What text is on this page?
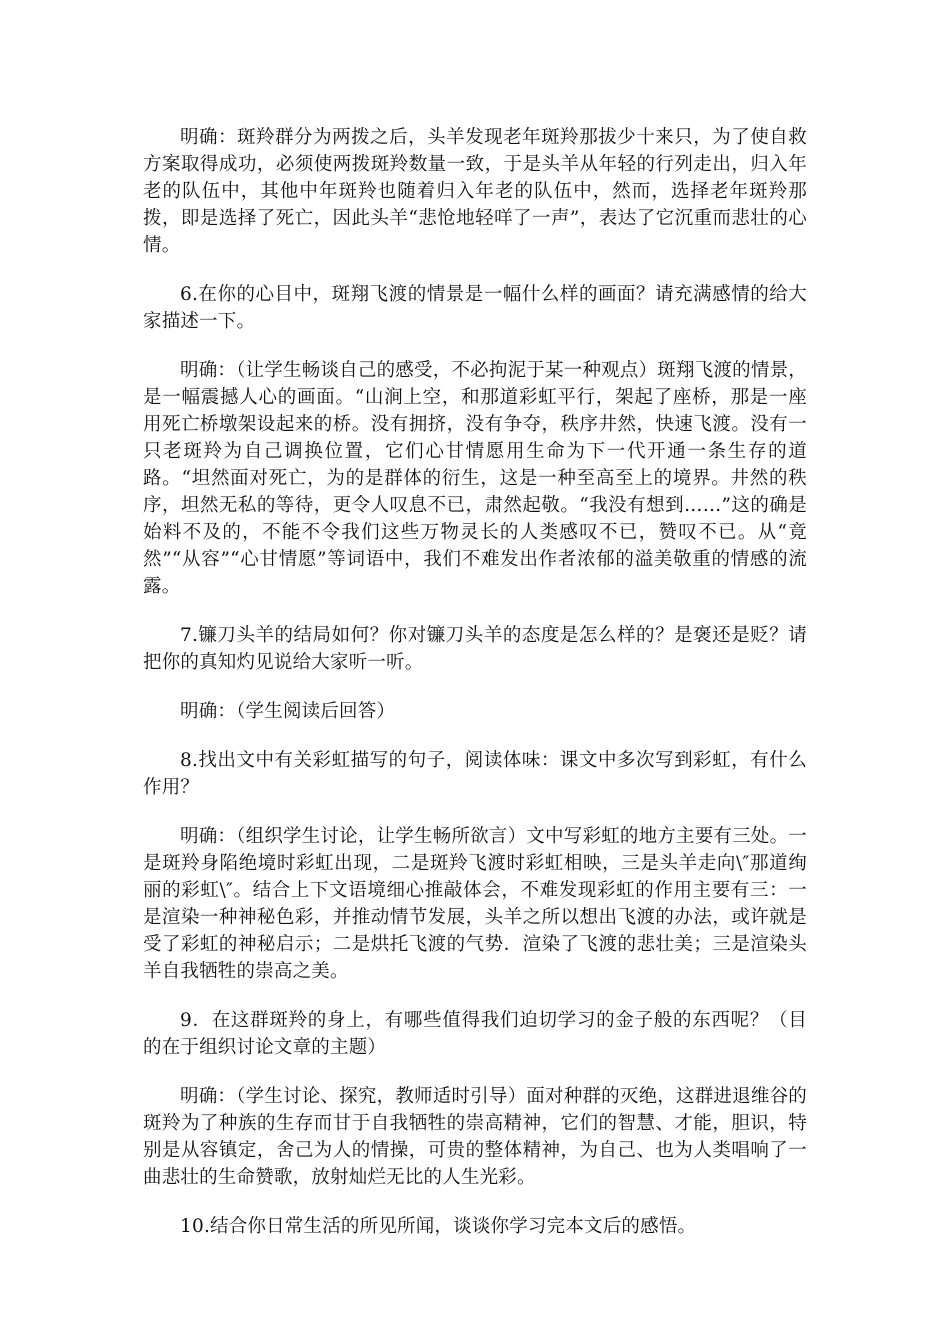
明确：斑羚群分为两拨之后，头羊发现老年斑羚那拔少十来只，为了使自救方案取得成功，必须使两拨斑羚数量一致，于是头羊从年轻的行列走出，归入年老的队伍中，其他中年斑羚也随着归入年老的队伍中，然而，选择老年斑羚那拨，即是选择了死亡，因此头羊“悲怆地轻咩了一声”，表达了它沉重而悲壮的心情。

6.在你的心目中，斑翔飞渡的情景是一幅什么样的画面？请充满感情的给大家描述一下。

明确：（让学生畅谈自己的感受，不必拘泥于某一种观点）斑翔飞渡的情景，是一幅震撼人心的画面。“山涧上空，和那道彩虹平行，架起了座桥，那是一座用死亡桥墩架设起来的桥。没有拥挤，没有争夺，秩序井然，快速飞渡。没有一只老斑羚为自己调换位置，它们心甘情愿用生命为下一代开通一条生存的道路。“坦然面对死亡，为的是群体的衍生，这是一种至高至上的境界。井然的秩序，坦然无私的等待，更令人叹息不已，肃然起敬。“我没有想到……”这的确是始料不及的，不能不令我们这些万物灵长的人类感叹不已，赞叹不已。从“竟然”“从容”“心甘情愿”等词语中，我们不难发出作者浓郁的溢美敬重的情感的流露。

7.镰刀头羊的结局如何？你对镰刀头羊的态度是怎么样的？是褒还是贬？请把你的真知灼见说给大家听一听。

明确：（学生阅读后回答）

8.找出文中有关彩虹描写的句子，阅读体味：课文中多次写到彩虹，有什么作用？

明确：（组织学生讨论，让学生畅所欲言）文中写彩虹的地方主要有三处。一是斑羚身陷绝境时彩虹出现，二是斑羚飞渡时彩虹相映，三是头羊走向\″那道绚丽的彩虹\″。结合上下文语境细心推敲体会，不难发现彩虹的作用主要有三：一是渲染一种神秘色彩，并推动情节发展，头羊之所以想出飞渡的办法，或许就是受了彩虹的神秘启示；二是烘托飞渡的气势．渲染了飞渡的悲壮美；三是渲染头羊自我牺牲的崇高之美。

9．在这群斑羚的身上，有哪些值得我们迫切学习的金子般的东西呢？（目的在于组织讨论文章的主题）

明确：（学生讨论、探究，教师适时引导）面对种群的灭绝，这群进退维谷的斑羚为了种族的生存而甘于自我牺牲的崇高精神，它们的智慧、才能，胆识，特别是从容镇定，舍己为人的情操，可贵的整体精神，为自己、也为人类唱响了一曲悲壮的生命赞歌，放射灿烂无比的人生光彩。

10.结合你日常生活的所见所闻，谈谈你学习完本文后的感悟。
